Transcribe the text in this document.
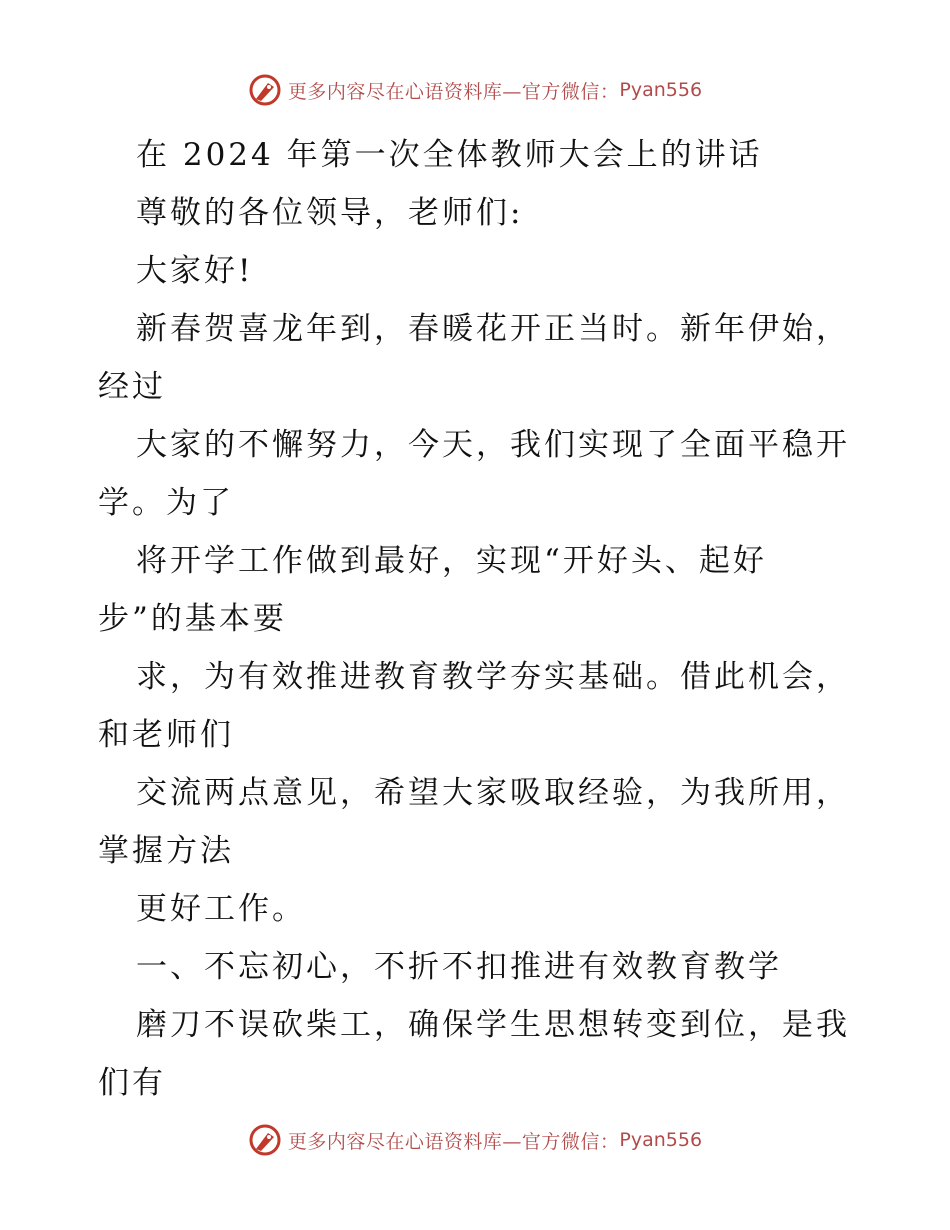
更多内容尽在心语资料库—官方微信： Pyan556
在 2024 年第一次全体教师大会上的讲话
尊敬的各位领导，老师们:
大家好!
新春贺喜龙年到，春暖花开正当时。新年伊始，
经过
大家的不懈努力，今天，我们实现了全面平稳开
学。为了
将开学工作做到最好，实现“开好头、起好
步”的基本要
求，为有效推进教育教学夯实基础。借此机会，
和老师们
交流两点意见，希望大家吸取经验，为我所用，
掌握方法
更好工作。
一、不忘初心，不折不扣推进有效教育教学
磨刀不误砍柴工，确保学生思想转变到位，是我
们有
更多内容尽在心语资料库—官方微信： Pyan556
